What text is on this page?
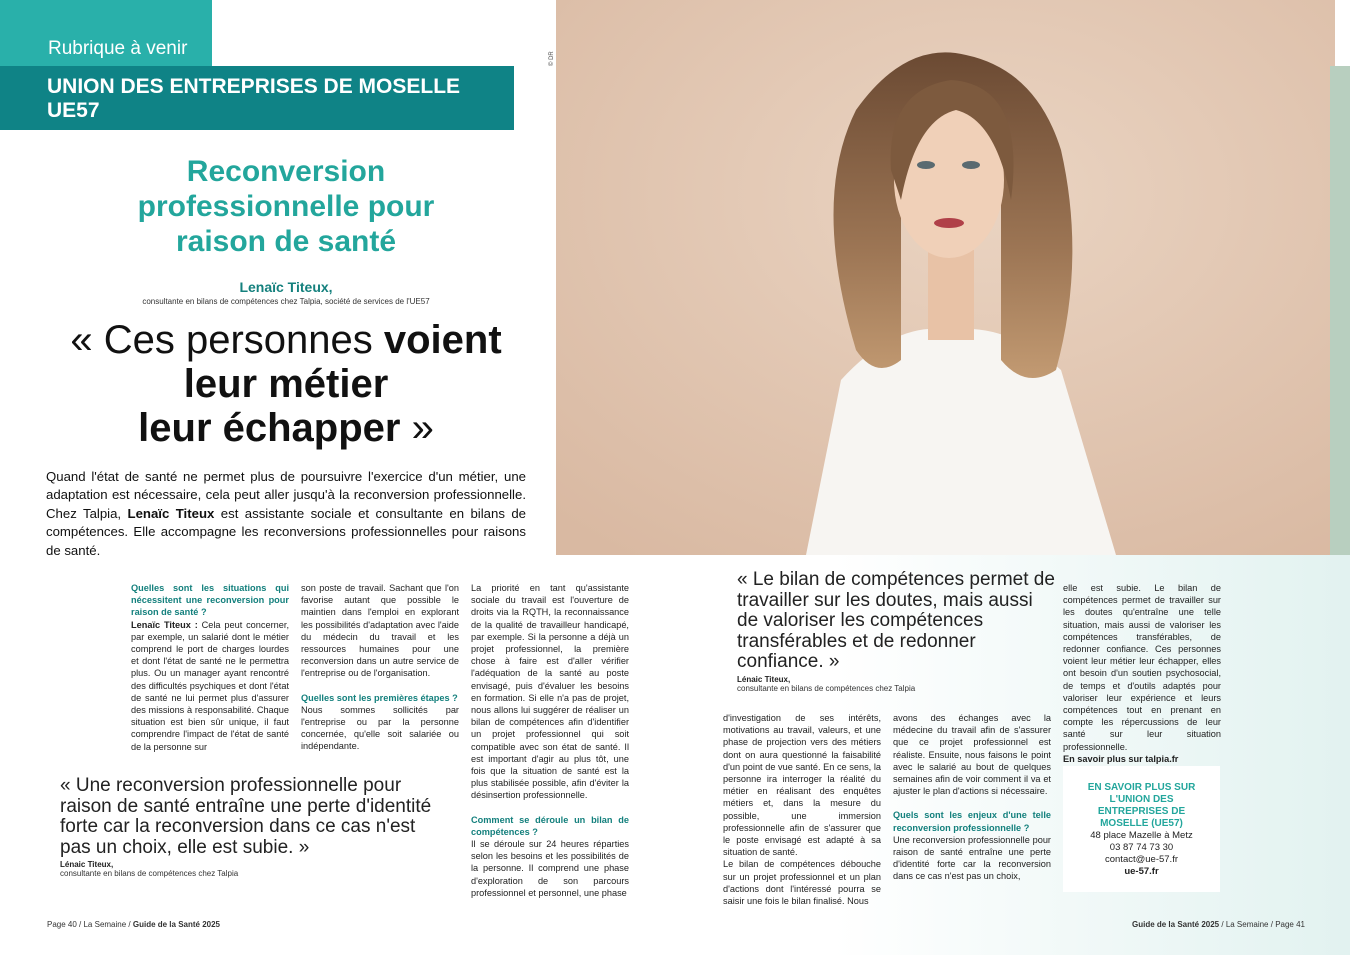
Rubrique à venir
UNION DES ENTREPRISES DE MOSELLE
UE57
© DR
Reconversion
professionnelle pour
raison de santé
Lenaïc Titeux,
consultante en bilans de compétences chez Talpia, société de services de l'UE57
« Ces personnes voient
leur métier
leur échapper »
Quand l'état de santé ne permet plus de poursuivre l'exercice d'un métier, une adaptation est nécessaire, cela peut aller jusqu'à la reconversion professionnelle. Chez Talpia, Lenaïc Titeux est assistante sociale et consultante en bilans de compétences. Elle accompagne les reconversions professionnelles pour raisons de santé.
Quelles sont les situations qui nécessitent une reconversion pour raison de santé ?
Lenaïc Titeux : Cela peut concerner, par exemple, un salarié dont le métier comprend le port de charges lourdes et dont l'état de santé ne le permettra plus. Ou un manager ayant rencontré des difficultés psychiques et dont l'état de santé ne lui permet plus d'assurer des missions à responsabilité. Chaque situation est bien sûr unique, il faut comprendre l'impact de l'état de santé de la personne sur
son poste de travail. Sachant que l'on favorise autant que possible le maintien dans l'emploi en explorant les possibilités d'adaptation avec l'aide du médecin du travail et les ressources humaines pour une reconversion dans un autre service de l'entreprise ou de l'organisation.
Quelles sont les premières étapes ?
Nous sommes sollicités par l'entreprise ou par la personne concernée, qu'elle soit salariée ou indépendante.
La priorité en tant qu'assistante sociale du travail est l'ouverture de droits via la RQTH, la reconnaissance de la qualité de travailleur handicapé, par exemple. Si la personne a déjà un projet professionnel, la première chose à faire est d'aller vérifier l'adéquation de la santé au poste envisagé, puis d'évaluer les besoins en formation. Si elle n'a pas de projet, nous allons lui suggérer de réaliser un bilan de compétences afin d'identifier un projet professionnel qui soit compatible avec son état de santé. Il est important d'agir au plus tôt, une fois que la situation de santé est la plus stabilisée possible, afin d'éviter la désinsertion professionnelle.
Comment se déroule un bilan de compétences ?
Il se déroule sur 24 heures réparties selon les besoins et les possibilités de la personne. Il comprend une phase d'exploration de son parcours professionnel et personnel, une phase
d'investigation de ses intérêts, motivations au travail, valeurs, et une phase de projection vers des métiers dont on aura questionné la faisabilité d'un point de vue santé. En ce sens, la personne ira interroger la réalité du métier en réalisant des enquêtes métiers et, dans la mesure du possible, une immersion professionnelle afin de s'assurer que le poste envisagé est adapté à sa situation de santé.
Le bilan de compétences débouche sur un projet professionnel et un plan d'actions dont l'intéressé pourra se saisir une fois le bilan finalisé. Nous
avons des échanges avec la médecine du travail afin de s'assurer que ce projet professionnel est réaliste. Ensuite, nous faisons le point avec le salarié au bout de quelques semaines afin de voir comment il va et ajuster le plan d'actions si nécessaire.
Quels sont les enjeux d'une telle reconversion professionnelle ?
Une reconversion professionnelle pour raison de santé entraîne une perte d'identité forte car la reconversion dans ce cas n'est pas un choix,
elle est subie. Le bilan de compétences permet de travailler sur les doutes qu'entraîne une telle situation, mais aussi de valoriser les compétences transférables, de redonner confiance. Ces personnes voient leur métier leur échapper, elles ont besoin d'un soutien psychosocial, de temps et d'outils adaptés pour valoriser leur expérience et leurs compétences tout en prenant en compte les répercussions de leur santé sur leur situation professionnelle.
En savoir plus sur talpia.fr
« Une reconversion professionnelle pour raison de santé entraîne une perte d'identité forte car la reconversion dans ce cas n'est pas un choix, elle est subie. »
Lénaic Titeux,
consultante en bilans de compétences chez Talpia
« Le bilan de compétences permet de travailler sur les doutes, mais aussi de valoriser les compétences transférables et de redonner confiance. »
Lénaic Titeux,
consultante en bilans de compétences chez Talpia
EN SAVOIR PLUS SUR L'UNION DES ENTREPRISES DE MOSELLE (UE57)
48 place Mazelle à Metz
03 87 74 73 30
contact@ue-57.fr
ue-57.fr
Page 40 / La Semaine / Guide de la Santé 2025	Guide de la Santé 2025 / La Semaine / Page 41
